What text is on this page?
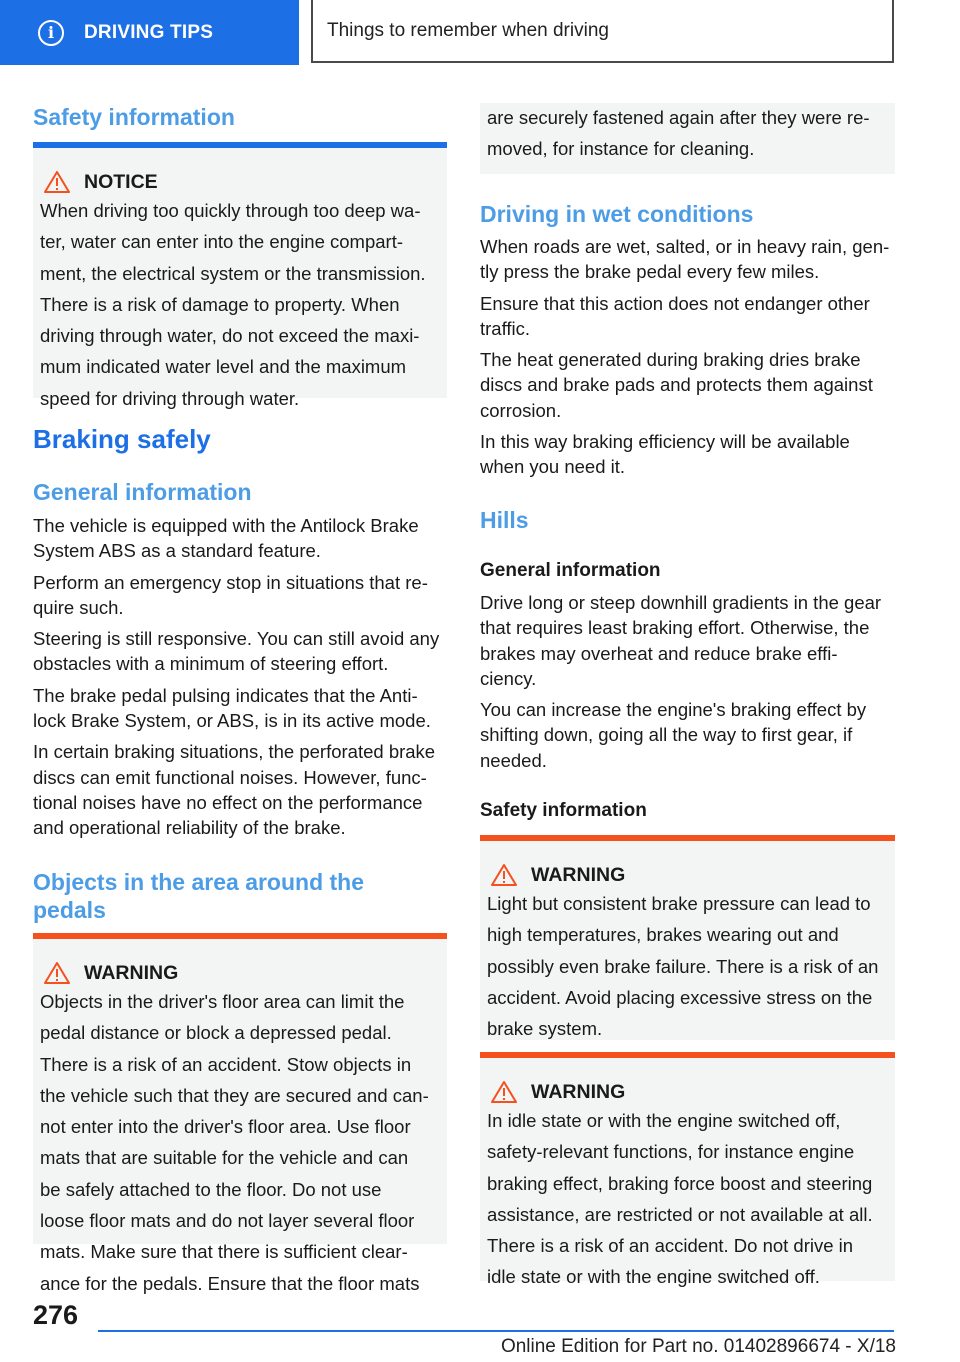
i	DRIVING TIPS	Things to remember when driving
Safety information
NOTICE
When driving too quickly through too deep wa-
ter, water can enter into the engine compart-
ment, the electrical system or the transmission.
There is a risk of damage to property. When
driving through water, do not exceed the maxi-
mum indicated water level and the maximum
speed for driving through water.
Braking safely
General information
The vehicle is equipped with the Antilock Brake
System ABS as a standard feature.
Perform an emergency stop in situations that re-
quire such.
Steering is still responsive. You can still avoid any
obstacles with a minimum of steering effort.
The brake pedal pulsing indicates that the Anti-
lock Brake System, or ABS, is in its active mode.
In certain braking situations, the perforated brake
discs can emit functional noises. However, func-
tional noises have no effect on the performance
and operational reliability of the brake.
Objects in the area around the
pedals
WARNING
Objects in the driver's floor area can limit the
pedal distance or block a depressed pedal.
There is a risk of an accident. Stow objects in
the vehicle such that they are secured and can-
not enter into the driver's floor area. Use floor
mats that are suitable for the vehicle and can
be safely attached to the floor. Do not use
loose floor mats and do not layer several floor
mats. Make sure that there is sufficient clear-
ance for the pedals. Ensure that the floor mats
are securely fastened again after they were re-
moved, for instance for cleaning.
Driving in wet conditions
When roads are wet, salted, or in heavy rain, gen-
tly press the brake pedal every few miles.
Ensure that this action does not endanger other
traffic.
The heat generated during braking dries brake
discs and brake pads and protects them against
corrosion.
In this way braking efficiency will be available
when you need it.
Hills

General information

Drive long or steep downhill gradients in the gear
that requires least braking effort. Otherwise, the
brakes may overheat and reduce brake effi-
ciency.
You can increase the engine's braking effect by
shifting down, going all the way to first gear, if
needed.

Safety information

WARNING
Light but consistent brake pressure can lead to
high temperatures, brakes wearing out and
possibly even brake failure. There is a risk of an
accident. Avoid placing excessive stress on the
brake system.
WARNING
In idle state or with the engine switched off,
safety-relevant functions, for instance engine
braking effect, braking force boost and steering
assistance, are restricted or not available at all.
There is a risk of an accident. Do not drive in
idle state or with the engine switched off.
276
Online Edition for Part no. 01402896674 - X/18
